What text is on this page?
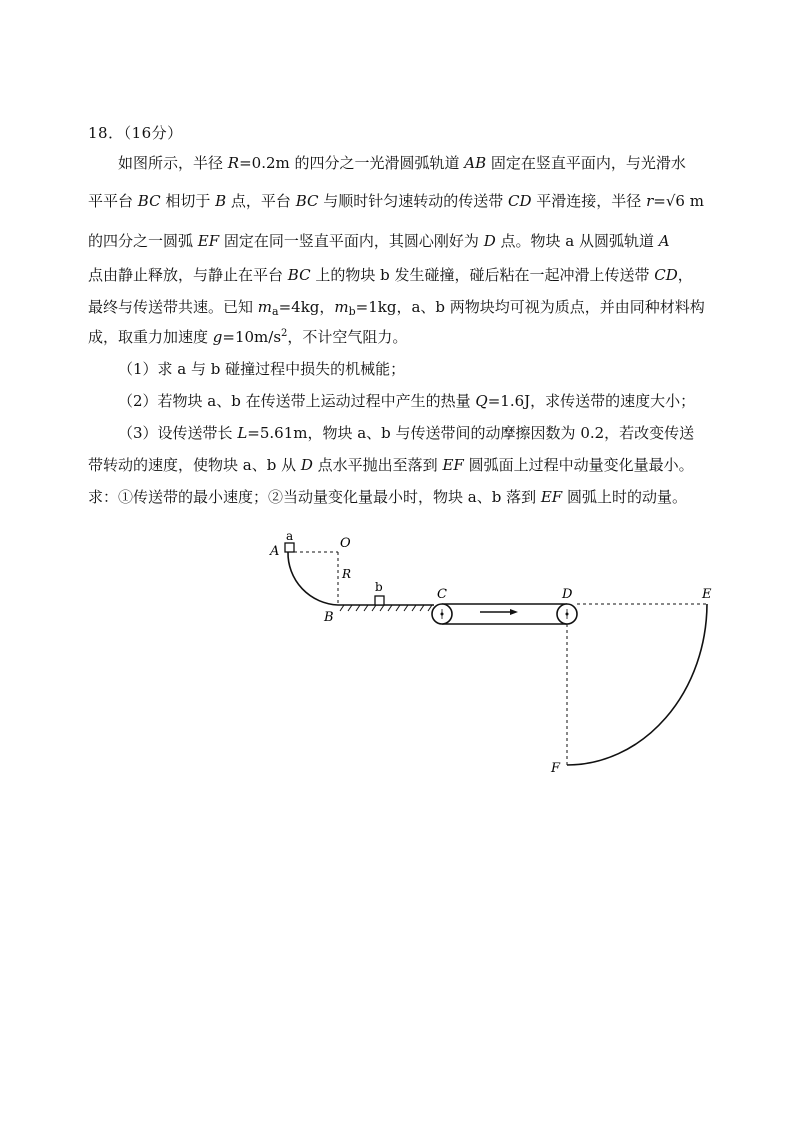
18．（16分）
如图所示，半径 R=0.2m 的四分之一光滑圆弧轨道 AB 固定在竖直平面内，与光滑水
平平台 BC 相切于 B 点，平台 BC 与顺时针匀速转动的传送带 CD 平滑连接，半径 r=√6 m
的四分之一圆弧 EF 固定在同一竖直平面内，其圆心刚好为 D 点。物块 a 从圆弧轨道 A
点由静止释放，与静止在平台 BC 上的物块 b 发生碰撞，碰后粘在一起冲滑上传送带 CD，
最终与传送带共速。已知 $m_a=4kg$，$m_b=1kg$，a、b 两物块均可视为质点，并由同种材料构
成，取重力加速度 $g=10m/s^2$，不计空气阻力。
（1）求 a 与 b 碰撞过程中损失的机械能；
（2）若物块 a、b 在传送带上运动过程中产生的热量 Q=1.6J，求传送带的速度大小；
（3）设传送带长 L=5.61m，物块 a、b 与传送带间的动摩擦因数为 0.2，若改变传送
带转动的速度，使物块 a、b 从 D 点水平抛出至落到 EF 圆弧面上过程中动量变化量最小。
求：①传送带的最小速度；②当动量变化量最小时，物块 a、b 落到 EF 圆弧上时的动量。
A
a	O
R
b
B
C	D	E
F
